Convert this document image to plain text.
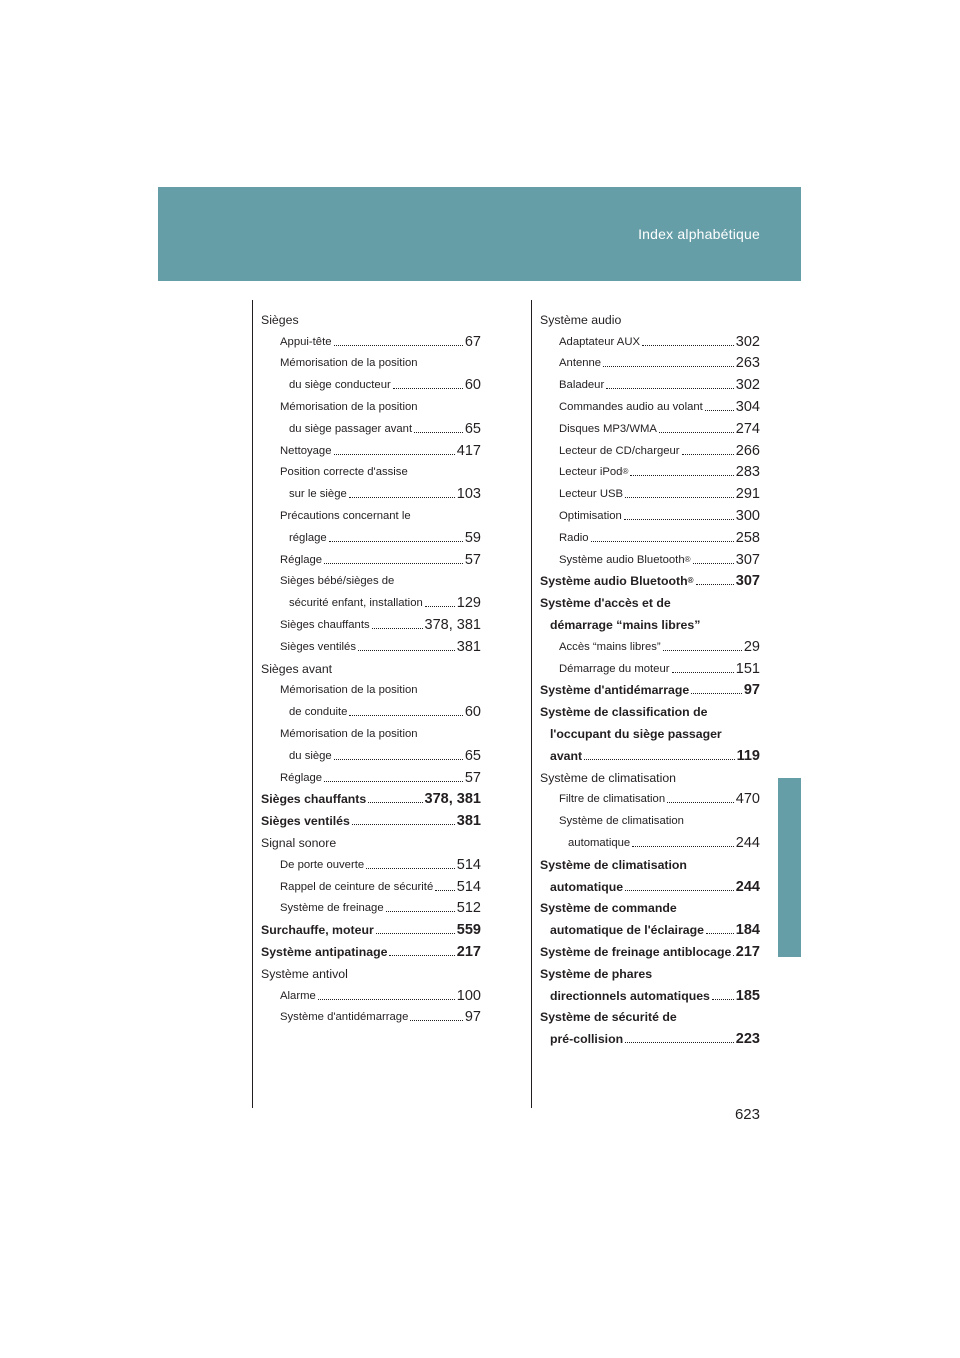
Index alphabétique
Sièges
Appui-tête	67
Mémorisation de la position
du siège conducteur	60
Mémorisation de la position
du siège passager avant	65
Nettoyage	417
Position correcte d'assise
sur le siège	103
Précautions concernant le
réglage	59
Réglage	57
Sièges bébé/sièges de
sécurité enfant, installation 129
Sièges chauffants	378, 381
Sièges ventilés	381
Sièges avant
Mémorisation de la position
de conduite	60
Mémorisation de la position
du siège	65
Réglage	57
Sièges chauffants	378, 381
Sièges ventilés	381
Signal sonore
De porte ouverte	514
Rappel de ceinture de sécurité 514
Système de freinage	512
Surchauffe, moteur	559
Système antipatinage	217
Système antivol
Alarme	100
Système d'antidémarrage	97
Système audio
Adaptateur AUX	302
Antenne	263
Baladeur	302
Commandes audio au volant 304
Disques MP3/WMA	274
Lecteur de CD/chargeur	266
Lecteur iPod ®	283
Lecteur USB	291
Optimisation	300
Radio	258
Système audio Bluetooth ®	307
Système audio Bluetooth ®	307
Système d'accès et de
démarrage “mains libres”
Accès “mains libres”	29
Démarrage du moteur	151
Système d'antidémarrage	97
Système de classification de
l'occupant du siège passager
avant	119
Système de climatisation
Filtre de climatisation	470
Système de climatisation
automatique	244
Système de climatisation
automatique	244
Système de commande
automatique de l'éclairage 184
Système de freinage antiblocage 217
Système de phares
directionnels automatiques 185
Système de sécurité de
pré-collision	223
623
